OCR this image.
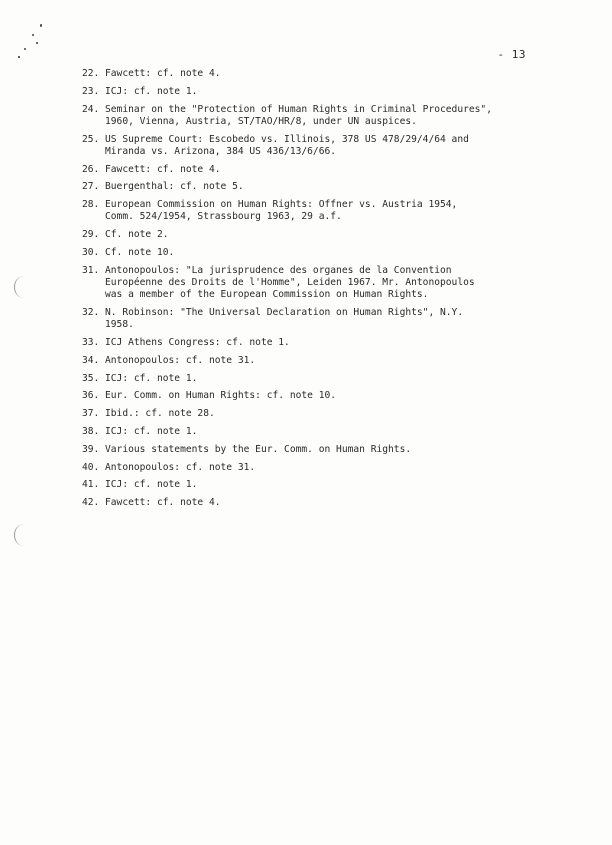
- 13
22. Fawcett: cf. note 4.
23. ICJ: cf. note 1.
24. Seminar on the "Protection of Human Rights in Criminal Procedures",
1960, Vienna, Austria, ST/TAO/HR/8, under UN auspices.
25. US Supreme Court: Escobedo vs. Illinois, 378 US 478/29/4/64 and
Miranda vs. Arizona, 384 US 436/13/6/66.
26. Fawcett: cf. note 4.
27. Buergenthal: cf. note 5.
28. European Commission on Human Rights: Offner vs. Austria 1954,
Comm. 524/1954, Strassbourg 1963, 29 a.f.
29. Cf. note 2.
30. Cf. note 10.
31. Antonopoulos: "La jurisprudence des organes de la Convention
Européenne des Droits de l'Homme", Leiden 1967. Mr. Antonopoulos
was a member of the European Commission on Human Rights.
32. N. Robinson: "The Universal Declaration on Human Rights", N.Y.
1958.
33. ICJ Athens Congress: cf. note 1.
34. Antonopoulos: cf. note 31.
35. ICJ: cf. note 1.
36. Eur. Comm. on Human Rights: cf. note 10.
37. Ibid.: cf. note 28.
38. ICJ: cf. note 1.
39. Various statements by the Eur. Comm. on Human Rights.
40. Antonopoulos: cf. note 31.
41. ICJ: cf. note 1.
42. Fawcett: cf. note 4.
